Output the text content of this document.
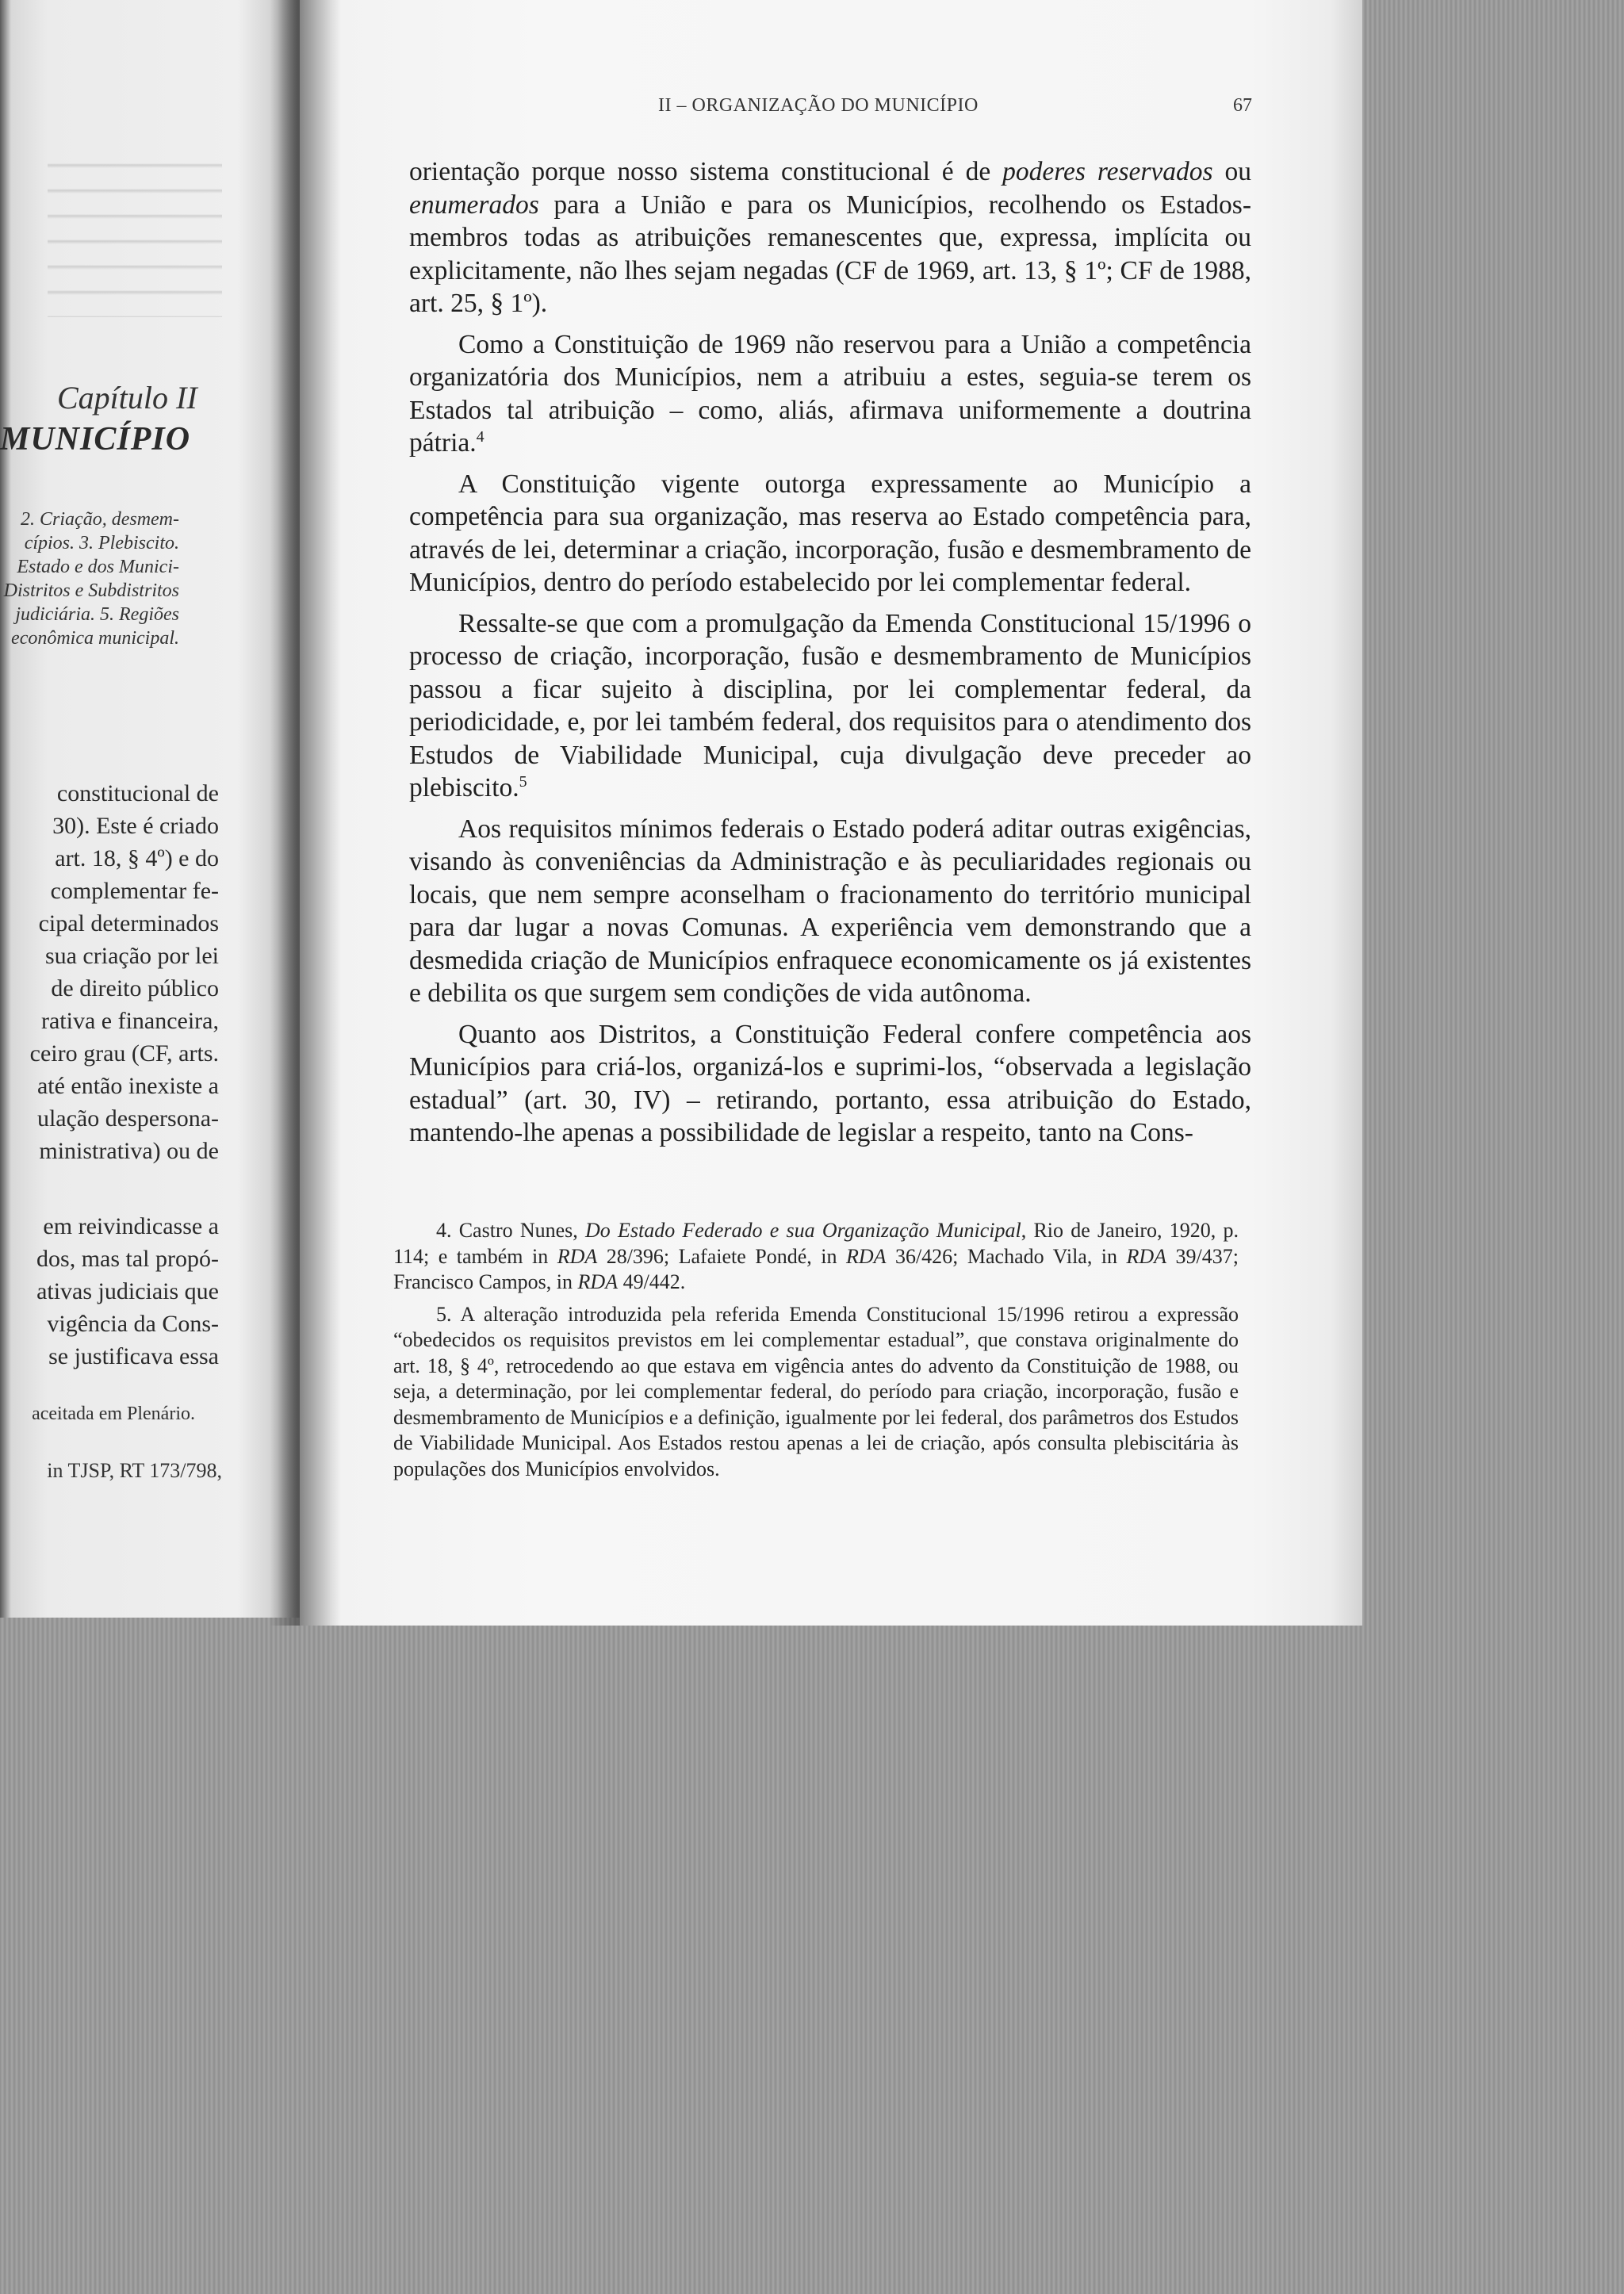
Capítulo II
MUNICÍPIO
2. Criação, desmem-
cípios. 3. Plebiscito.
Estado e dos Munici-
Distritos e Subdistritos
judiciária. 5. Regiões
econômica municipal.
constitucional de
30). Este é criado
art. 18, § 4º) e do
complementar fe-
cipal determinados
sua criação por lei
de direito público
rativa e financeira,
ceiro grau (CF, arts.
até então inexiste a
ulação despersona-
ministrativa) ou de
em reivindicasse a
dos, mas tal propó-
ativas judiciais que
vigência da Cons-
se justificava essa
aceitada em Plenário.
in TJSP, RT 173/798,
II – ORGANIZAÇÃO DO MUNICÍPIO	67

orientação porque nosso sistema constitucional é de poderes reservados ou enumerados para a União e para os Municípios, recolhendo os Estados-membros todas as atribuições remanescentes que, expressa, implícita ou explicitamente, não lhes sejam negadas (CF de 1969, art. 13, § 1º; CF de 1988, art. 25, § 1º).

Como a Constituição de 1969 não reservou para a União a competência organizatória dos Municípios, nem a atribuiu a estes, seguia-se terem os Estados tal atribuição – como, aliás, afirmava uniformemente a doutrina pátria.$^4$

A Constituição vigente outorga expressamente ao Município a competência para sua organização, mas reserva ao Estado competência para, através de lei, determinar a criação, incorporação, fusão e desmembramento de Municípios, dentro do período estabelecido por lei complementar federal.

Ressalte-se que com a promulgação da Emenda Constitucional 15/1996 o processo de criação, incorporação, fusão e desmembramento de Municípios passou a ficar sujeito à disciplina, por lei complementar federal, da periodicidade, e, por lei também federal, dos requisitos para o atendimento dos Estudos de Viabilidade Municipal, cuja divulgação deve preceder ao plebiscito.$^5$

Aos requisitos mínimos federais o Estado poderá aditar outras exigências, visando às conveniências da Administração e às peculiaridades regionais ou locais, que nem sempre aconselham o fracionamento do território municipal para dar lugar a novas Comunas. A experiência vem demonstrando que a desmedida criação de Municípios enfraquece economicamente os já existentes e debilita os que surgem sem condições de vida autônoma.

Quanto aos Distritos, a Constituição Federal confere competência aos Municípios para criá-los, organizá-los e suprimi-los, “observada a legislação estadual” (art. 30, IV) – retirando, portanto, essa atribuição do Estado, mantendo-lhe apenas a possibilidade de legislar a respeito, tanto na Cons-

4. Castro Nunes, Do Estado Federado e sua Organização Municipal, Rio de Janeiro, 1920, p. 114; e também in RDA 28/396; Lafaiete Pondé, in RDA 36/426; Machado Vila, in RDA 39/437; Francisco Campos, in RDA 49/442.

5. A alteração introduzida pela referida Emenda Constitucional 15/1996 retirou a expressão “obedecidos os requisitos previstos em lei complementar estadual”, que constava originalmente do art. 18, § 4º, retrocedendo ao que estava em vigência antes do advento da Constituição de 1988, ou seja, a determinação, por lei complementar federal, do período para criação, incorporação, fusão e desmembramento de Municípios e a definição, igualmente por lei federal, dos parâmetros dos Estudos de Viabilidade Municipal. Aos Estados restou apenas a lei de criação, após consulta plebiscitária às populações dos Municípios envolvidos.
